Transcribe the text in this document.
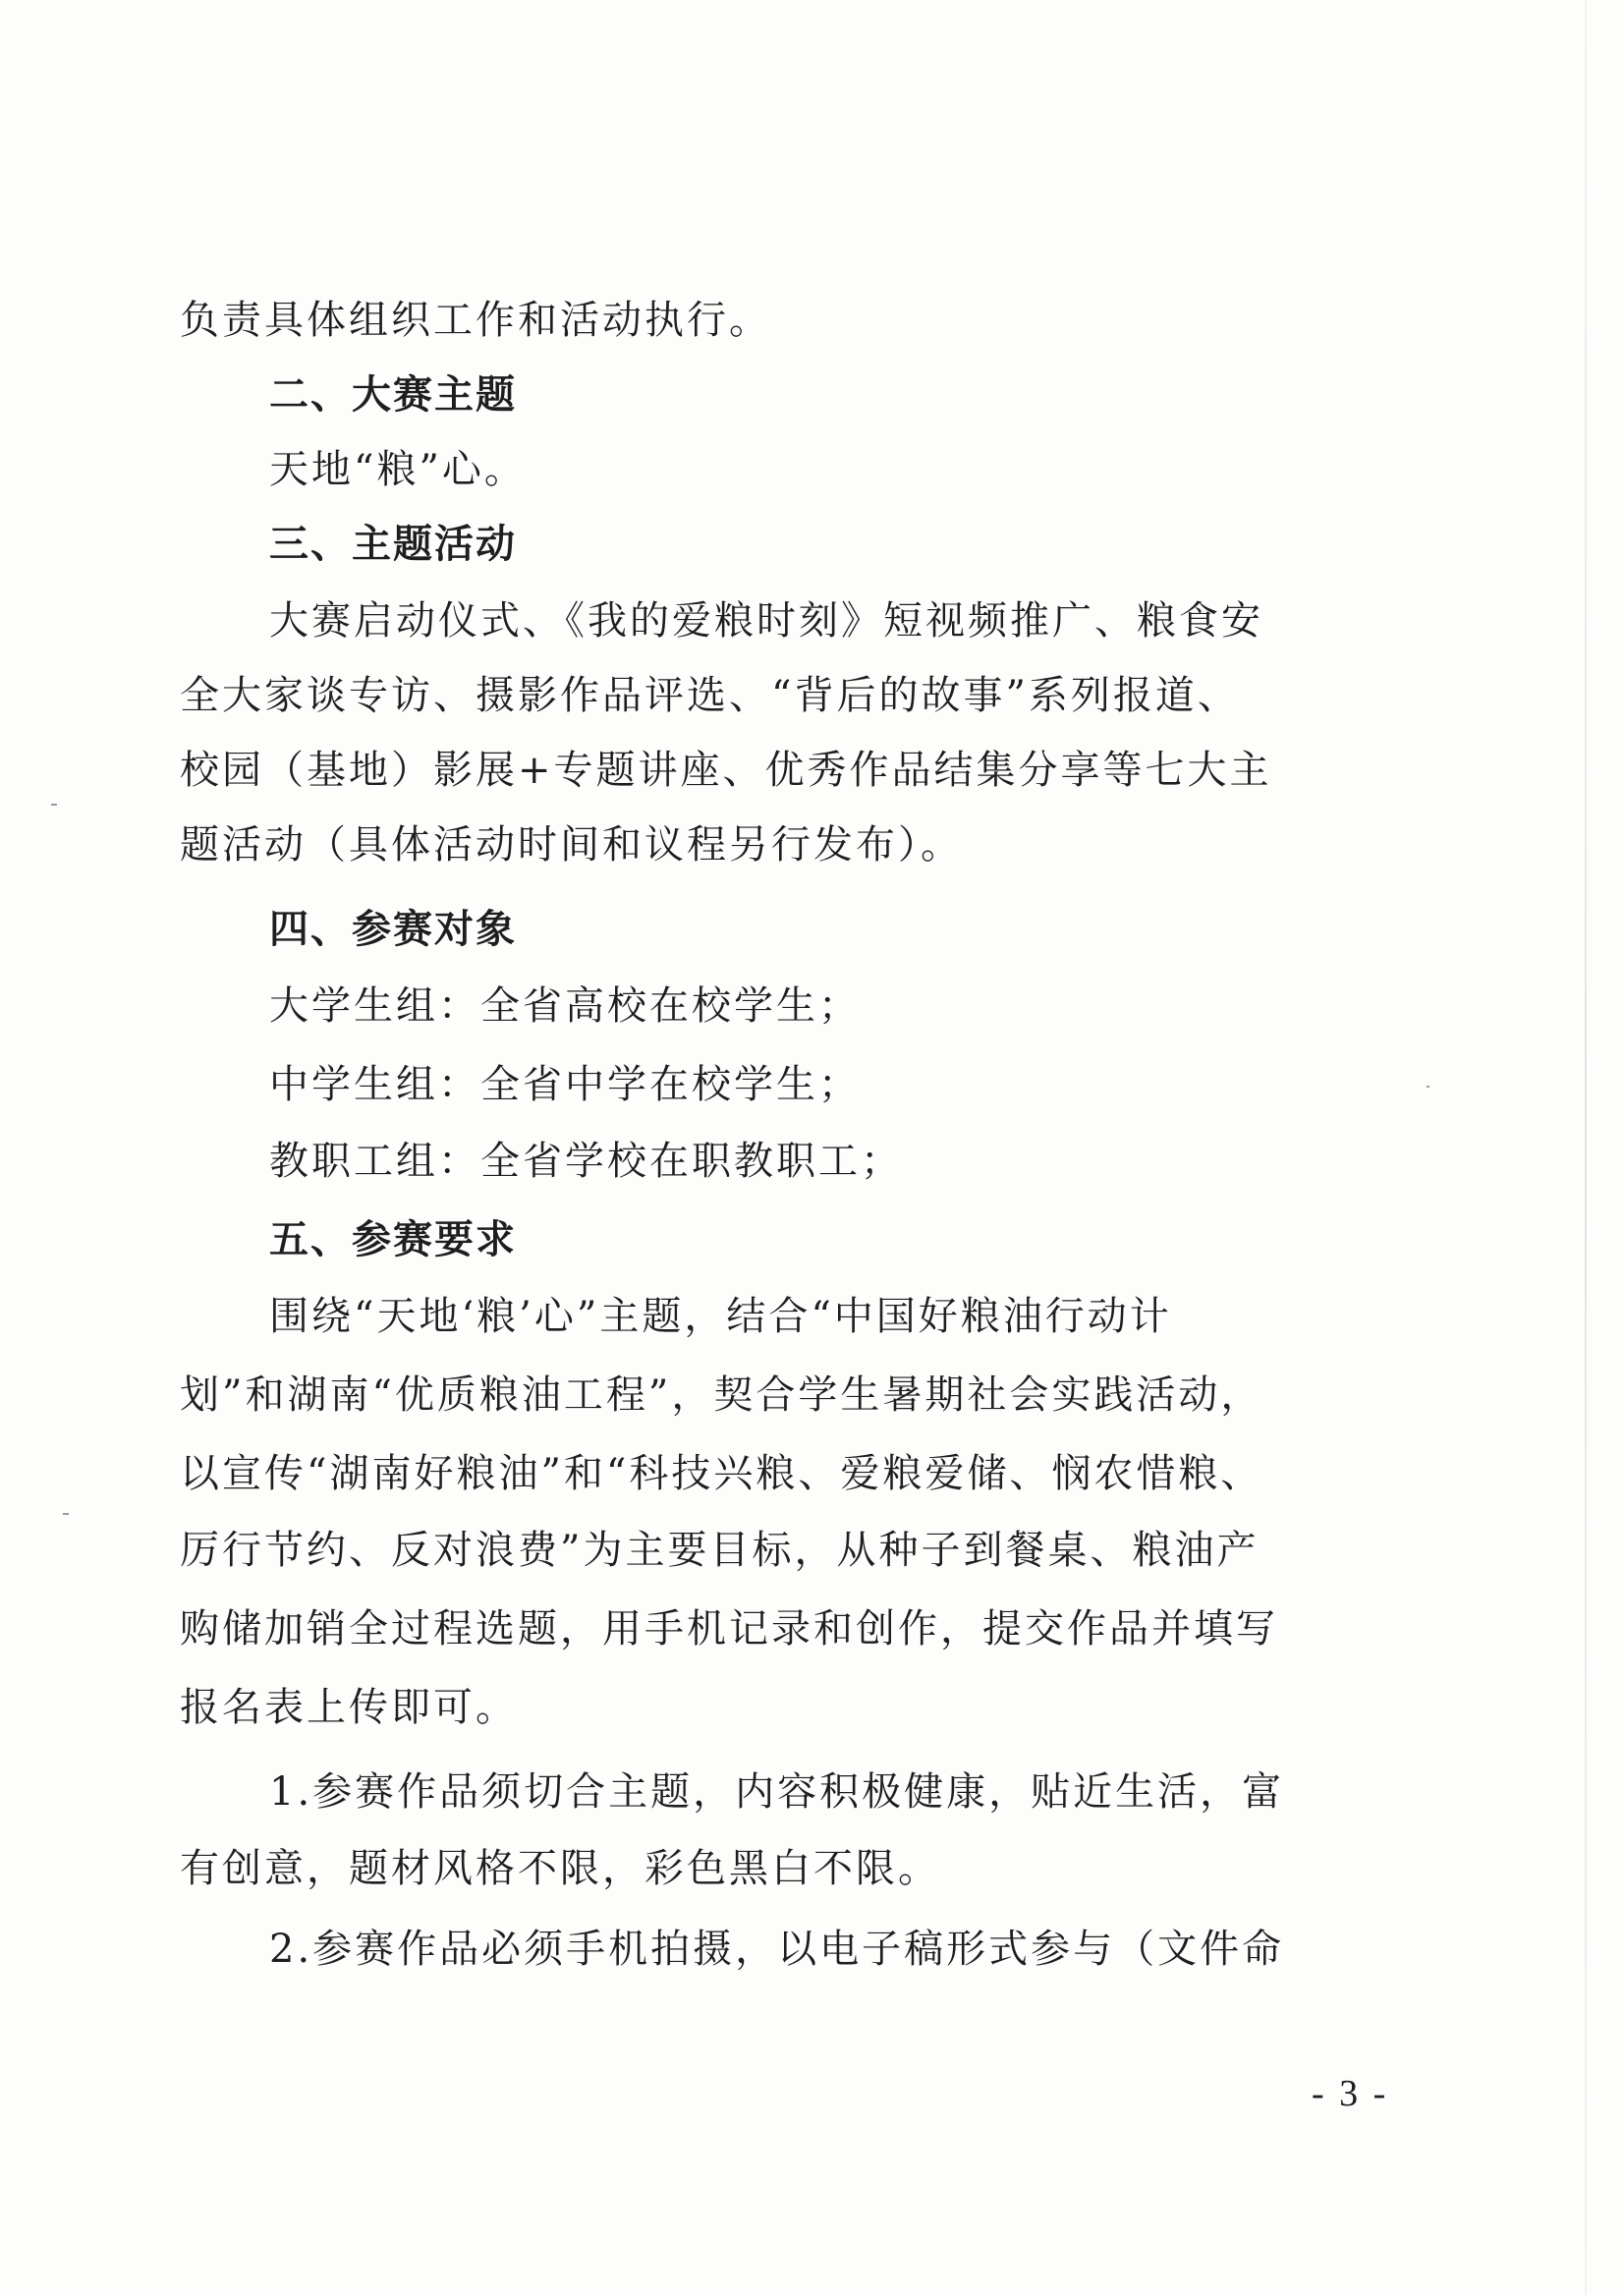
负责具体组织工作和活动执行。
二、大赛主题
天地“粮”心。
三、主题活动
大赛启动仪式、《我的爱粮时刻》短视频推广、粮食安
全大家谈专访、摄影作品评选、“背后的故事”系列报道、
校园（基地）影展+专题讲座、优秀作品结集分享等七大主
题活动（具体活动时间和议程另行发布）。
四、参赛对象
大学生组：全省高校在校学生；
中学生组：全省中学在校学生；
教职工组：全省学校在职教职工；
五、参赛要求
围绕“天地‘粮’心”主题，结合“中国好粮油行动计
划”和湖南“优质粮油工程”，契合学生暑期社会实践活动，
以宣传“湖南好粮油”和“科技兴粮、爱粮爱储、悯农惜粮、
厉行节约、反对浪费”为主要目标，从种子到餐桌、粮油产
购储加销全过程选题，用手机记录和创作，提交作品并填写
报名表上传即可。
1.参赛作品须切合主题，内容积极健康，贴近生活，富
有创意，题材风格不限，彩色黑白不限。
2.参赛作品必须手机拍摄，以电子稿形式参与（文件命
- 3 -
